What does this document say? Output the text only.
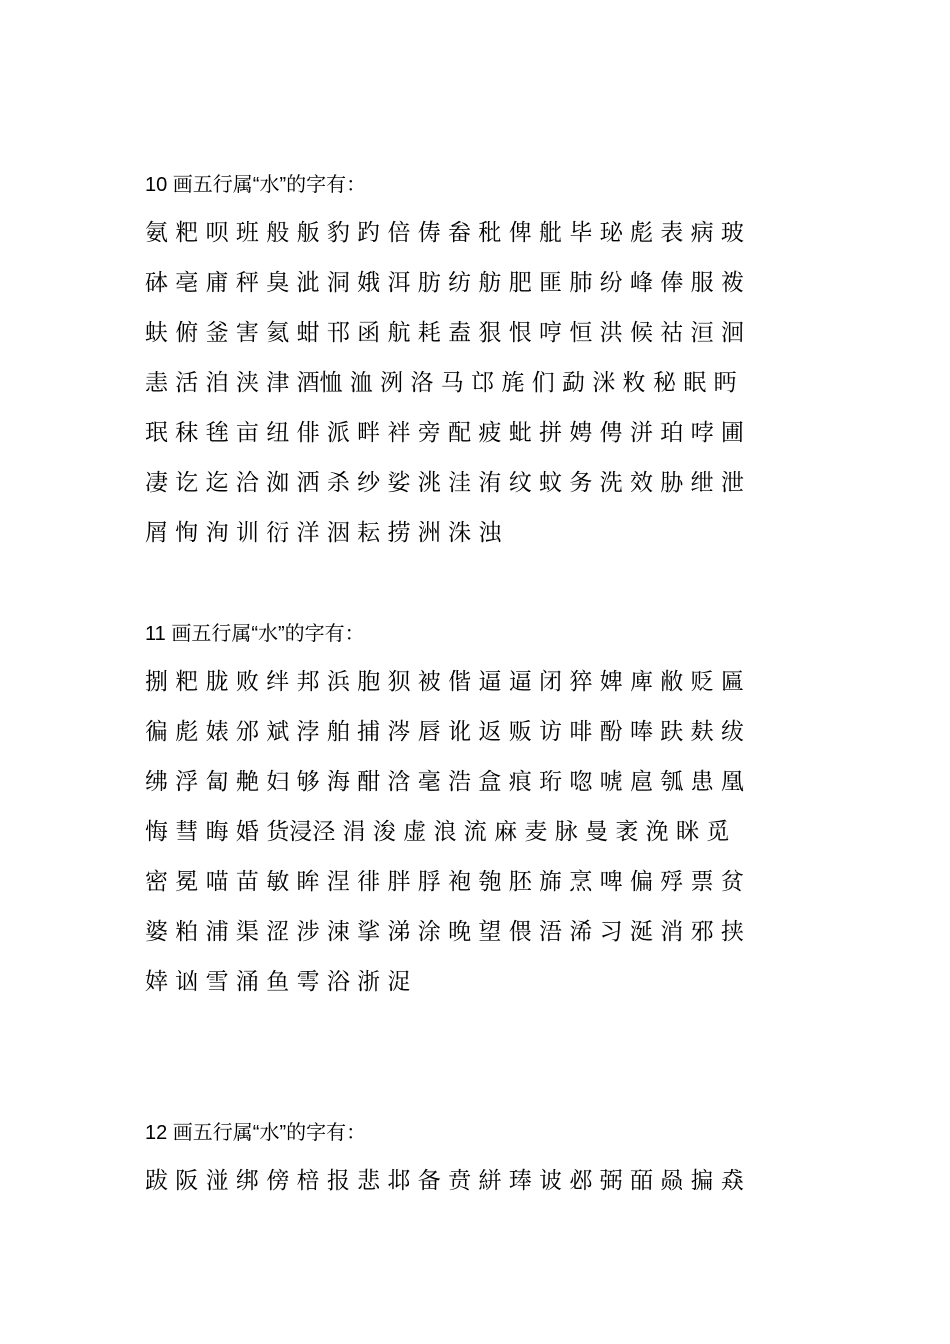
10 画五行属“水”的字有：
氨 粑 呗 班 般 舨 豹 趵 倍 俦 畚 秕 俾 舭 毕 珌 彪 表 病 玻
砵 亳 庯 秤 臭 泚 洞 娥 洱 肪 纺 舫 肥 匪 肺 纷 峰 俸 服 袯
蚨 俯 釜 害 氦 蚶 邗 函 航 耗 盍 狠 恨 哼 恒 洪 候 祜 洹 洄
恚 活 洎 浃 津 酒恤 洫 洌 洛 马 邙 旄 们 勐 洣 敉 秘 眠 眄
珉 秣 毪 亩 纽 俳 派 畔 袢 旁 配 疲 蚍 拼 娉 俜 洴 珀 哱 圃
凄 讫 迄 洽 洳 洒 杀 纱 娑 洮 洼 洧 纹 蚊 务 洗 效 胁 绁 泄
屑 恂 洵 训 衍 洋 洇 耘 捞 洲 洙 浊
11 画五行属“水”的字有：
捌 粑 胧 败 绊 邦 浜 胞 狈 被 偕 逼 逼 闭 猝 婢 庳 敝 贬 匾
徧 彪 婊 邠 斌 浡 舶 捕 涔 唇 讹 返 贩 访 啡 酚 唪 趺 麸 绂
绋 浮 匐 艴 妇 够 海 酣 浛 毫 浩 盒 痕 珩 唿 唬 扈 瓠 患 凰
悔 彗 晦 婚 货浸泾 涓 浚 虚 浪 流 麻 麦 脉 曼 袤 浼 眯 觅
密 冕 喵 苗 敏 眸 涅 徘 胖 脬 袍 匏 胚 旆 烹 啤 偏 殍 票 贫
婆 粕 浦 渠 涩 涉 涑 挲 涕 涂 晚 望 偎 浯 浠 习 涎 消 邪 挟
婞 讻 雪 涌 鱼 雩 浴 浙 浞
12 画五行属“水”的字有：
跋 阪 湴 绑 傍 棓 报 悲 邶 备 贲 絣 琫 诐 邲 弼 皕 赑 揙 猋
